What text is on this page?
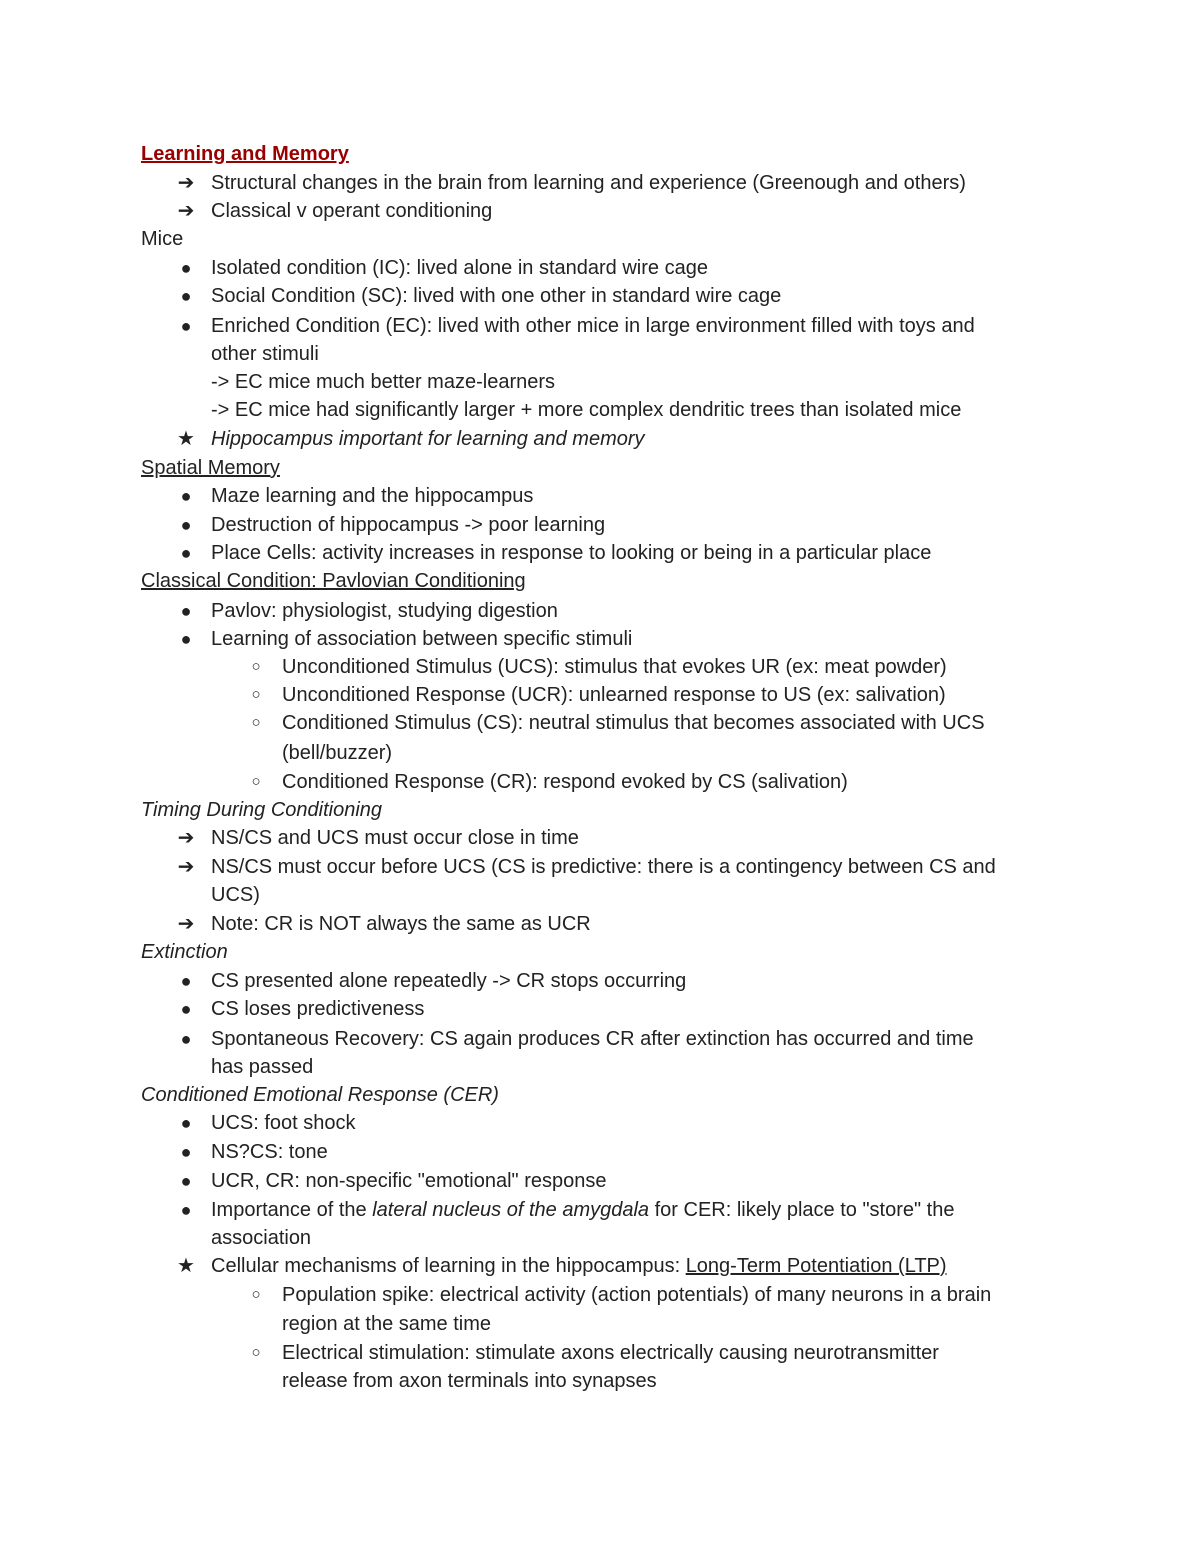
Learning and Memory
➔ Structural changes in the brain from learning and experience (Greenough and others)
➔ Classical v operant conditioning
Mice
● Isolated condition (IC): lived alone in standard wire cage
● Social Condition (SC): lived with one other in standard wire cage
● Enriched Condition (EC): lived with other mice in large environment filled with toys and
other stimuli
-> EC mice much better maze-learners
-> EC mice had significantly larger + more complex dendritic trees than isolated mice
★ Hippocampus important for learning and memory
Spatial Memory
● Maze learning and the hippocampus
● Destruction of hippocampus -> poor learning
● Place Cells: activity increases in response to looking or being in a particular place
Classical Condition: Pavlovian Conditioning
● Pavlov: physiologist, studying digestion
● Learning of association between specific stimuli
○ Unconditioned Stimulus (UCS): stimulus that evokes UR (ex: meat powder)
○ Unconditioned Response (UCR): unlearned response to US (ex: salivation)
○ Conditioned Stimulus (CS): neutral stimulus that becomes associated with UCS
(bell/buzzer)
○ Conditioned Response (CR): respond evoked by CS (salivation)
Timing During Conditioning
➔ NS/CS and UCS must occur close in time
➔ NS/CS must occur before UCS (CS is predictive: there is a contingency between CS and
UCS)
➔ Note: CR is NOT always the same as UCR
Extinction
● CS presented alone repeatedly -> CR stops occurring
● CS loses predictiveness
● Spontaneous Recovery: CS again produces CR after extinction has occurred and time
has passed
Conditioned Emotional Response (CER)
● UCS: foot shock
● NS?CS: tone
● UCR, CR: non-specific "emotional" response
● Importance of the lateral nucleus of the amygdala for CER: likely place to "store" the
association
★ Cellular mechanisms of learning in the hippocampus: Long-Term Potentiation (LTP)
○ Population spike: electrical activity (action potentials) of many neurons in a brain
region at the same time
○ Electrical stimulation: stimulate axons electrically causing neurotransmitter
release from axon terminals into synapses
